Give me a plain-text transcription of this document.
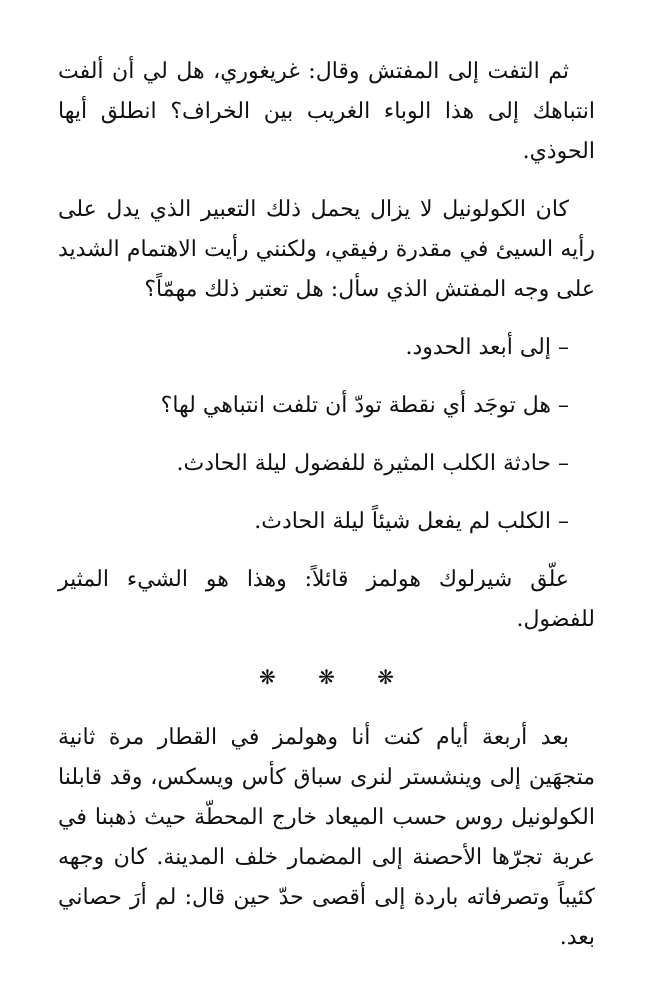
ثم التفت إلى المفتش وقال: غريغوري، هل لي أن ألفت انتباهك إلى هذا الوباء الغريب بين الخراف؟ انطلق أيها الحوذي.

كان الكولونيل لا يزال يحمل ذلك التعبير الذي يدل على رأيه السيئ في مقدرة رفيقي، ولكنني رأيت الاهتمام الشديد على وجه المفتش الذي سأل: هل تعتبر ذلك مهمّاً؟

– إلى أبعد الحدود.

– هل توجَد أي نقطة تودّ أن تلفت انتباهي لها؟

– حادثة الكلب المثيرة للفضول ليلة الحادث.

– الكلب لم يفعل شيئاً ليلة الحادث.

علّق شيرلوك هولمز قائلاً: وهذا هو الشيء المثير للفضول.

❋ ❋ ❋

بعد أربعة أيام كنت أنا وهولمز في القطار مرة ثانية متجهَين إلى وينشستر لنرى سباق كأس ويسكس، وقد قابلنا الكولونيل روس حسب الميعاد خارج المحطّة حيث ذهبنا في عربة تجرّها الأحصنة إلى المضمار خلف المدينة. كان وجهه كئيباً وتصرفاته باردة إلى أقصى حدّ حين قال: لم أرَ حصاني بعد.
